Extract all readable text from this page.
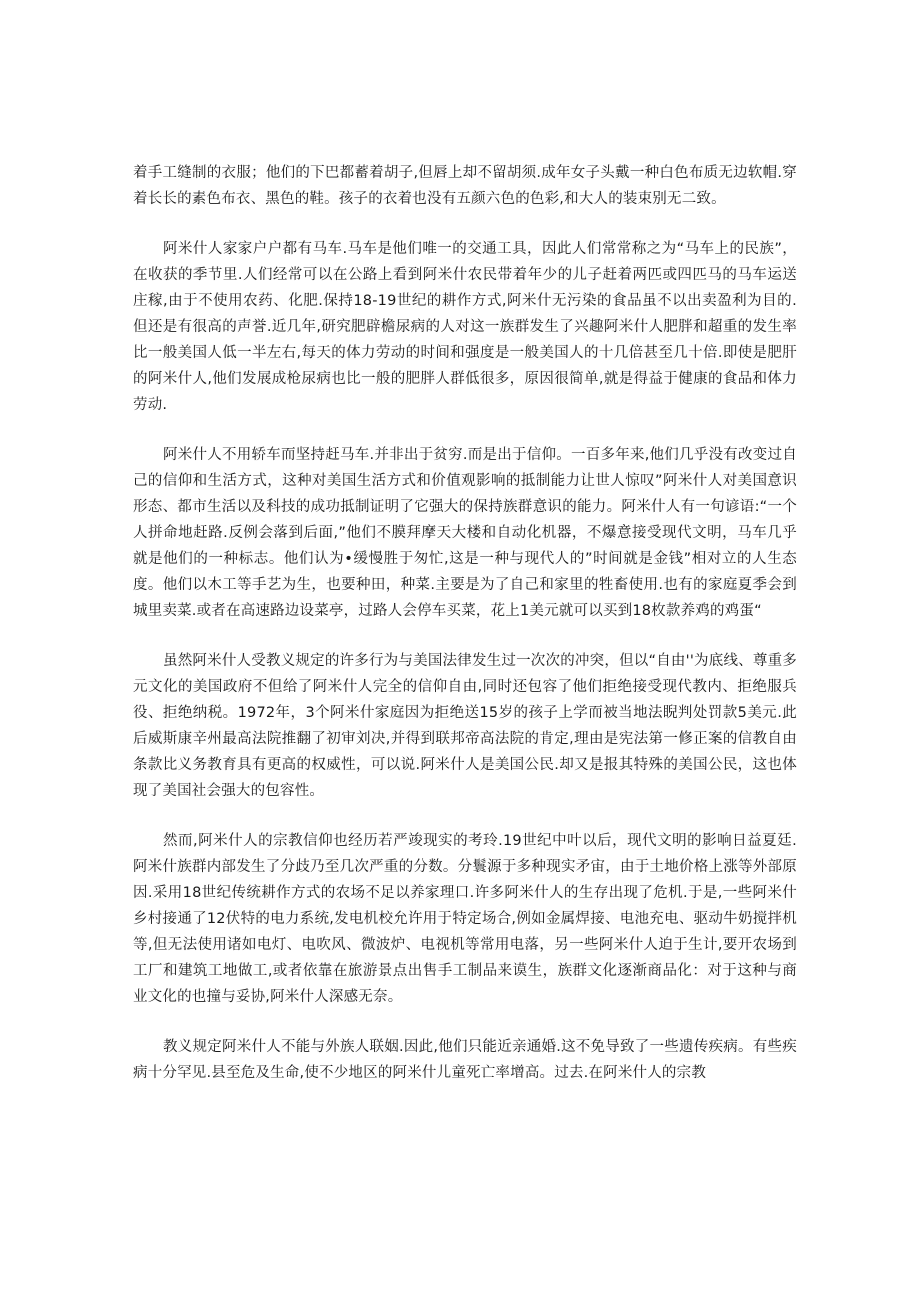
着手工缝制的衣服；他们的下巴都蓄着胡子,但唇上却不留胡须.成年女子头戴一种白色布质无边软帽.穿着长长的素色布衣、黑色的鞋。孩子的衣着也没有五颜六色的色彩,和大人的装束别无二致。

阿米什人家家户户都有马车.马车是他们唯一的交通工具，因此人们常常称之为“马车上的民族”，在收获的季节里.人们经常可以在公路上看到阿米什农民带着年少的儿子赶着两匹或四匹马的马车运送庄稼,由于不使用农药、化肥.保持18-19世纪的耕作方式,阿米什无污染的食品虽不以出卖盈利为目的.但还是有很高的声誉.近几年,研究肥辟檐尿病的人对这一族群发生了兴趣阿米什人肥胖和超重的发生率比一般美国人低一半左右,每天的体力劳动的时间和强度是一般美国人的十几倍甚至几十倍.即使是肥肝的阿米什人,他们发展成枪尿病也比一般的肥胖人群低很多，原因很简单,就是得益于健康的食品和体力劳动.

阿米什人不用轿车而坚持赶马车.并非出于贫穷.而是出于信仰。一百多年来,他们几乎没有改变过自己的信仰和生活方式，这种对美国生活方式和价值观影响的抵制能力让世人惊叹”阿米什人对美国意识形态、都市生活以及科技的成功抵制证明了它强大的保持族群意识的能力。阿米什人有一句谚语:“一个人拼命地赶路.反例会落到后面,”他们不膜拜摩天大楼和自动化机器，不爆意接受现代文明，马车几乎就是他们的一种标志。他们认为•缓慢胜于匆忙,这是一种与现代人的”时间就是金钱”相对立的人生态度。他们以木工等手艺为生，也要种田，种菜.主要是为了自己和家里的牲畜使用.也有的家庭夏季会到城里卖菜.或者在高速路边设菜亭，过路人会停车买菜，花上1美元就可以买到18枚款养鸡的鸡蛋“

虽然阿米什人受教义规定的许多行为与美国法律发生过一次次的冲突，但以“自由''为底线、尊重多元文化的美国政府不但给了阿米什人完全的信仰自由,同时还包容了他们拒绝接受现代教内、拒绝服兵役、拒绝纳税。1972年，3个阿米什家庭因为拒绝送15岁的孩子上学而被当地法睨判处罚款5美元.此后威斯康辛州最高法院推翻了初审刘决,并得到联邦帝高法院的肯定,理由是宪法第一修正案的信教自由条款比义务教育具有更高的权威性，可以说.阿米什人是美国公民.却又是报其特殊的美国公民，这也体现了美国社会强大的包容性。

然而,阿米什人的宗教信仰也经历若严竣现实的考玲.19世纪中叶以后，现代文明的影响日益夏廷.阿米什族群内部发生了分歧乃至几次严重的分数。分鬟源于多种现实矛宙，由于土地价格上涨等外部原因.采用18世纪传统耕作方式的农场不足以养家理口.许多阿米什人的生存出现了危机.于是,一些阿米什乡村接通了12伏特的电力系统,发电机校允许用于特定场合,例如金属焊接、电池充电、驱动牛奶搅拌机等,但无法使用诸如电灯、电吹风、微波炉、电视机等常用电落，另一些阿米什人迫于生计,要开农场到工厂和建筑工地做工,或者依靠在旅游景点出售手工制品来谟生，族群文化逐渐商品化：对于这种与商业文化的也撞与妥协,阿米什人深感无奈。

教义规定阿米什人不能与外族人联姻.因此,他们只能近亲通婚.这不免导致了一些遗传疾病。有些疾病十分罕见.县至危及生命,使不少地区的阿米什儿童死亡率增高。过去.在阿米什人的宗教
